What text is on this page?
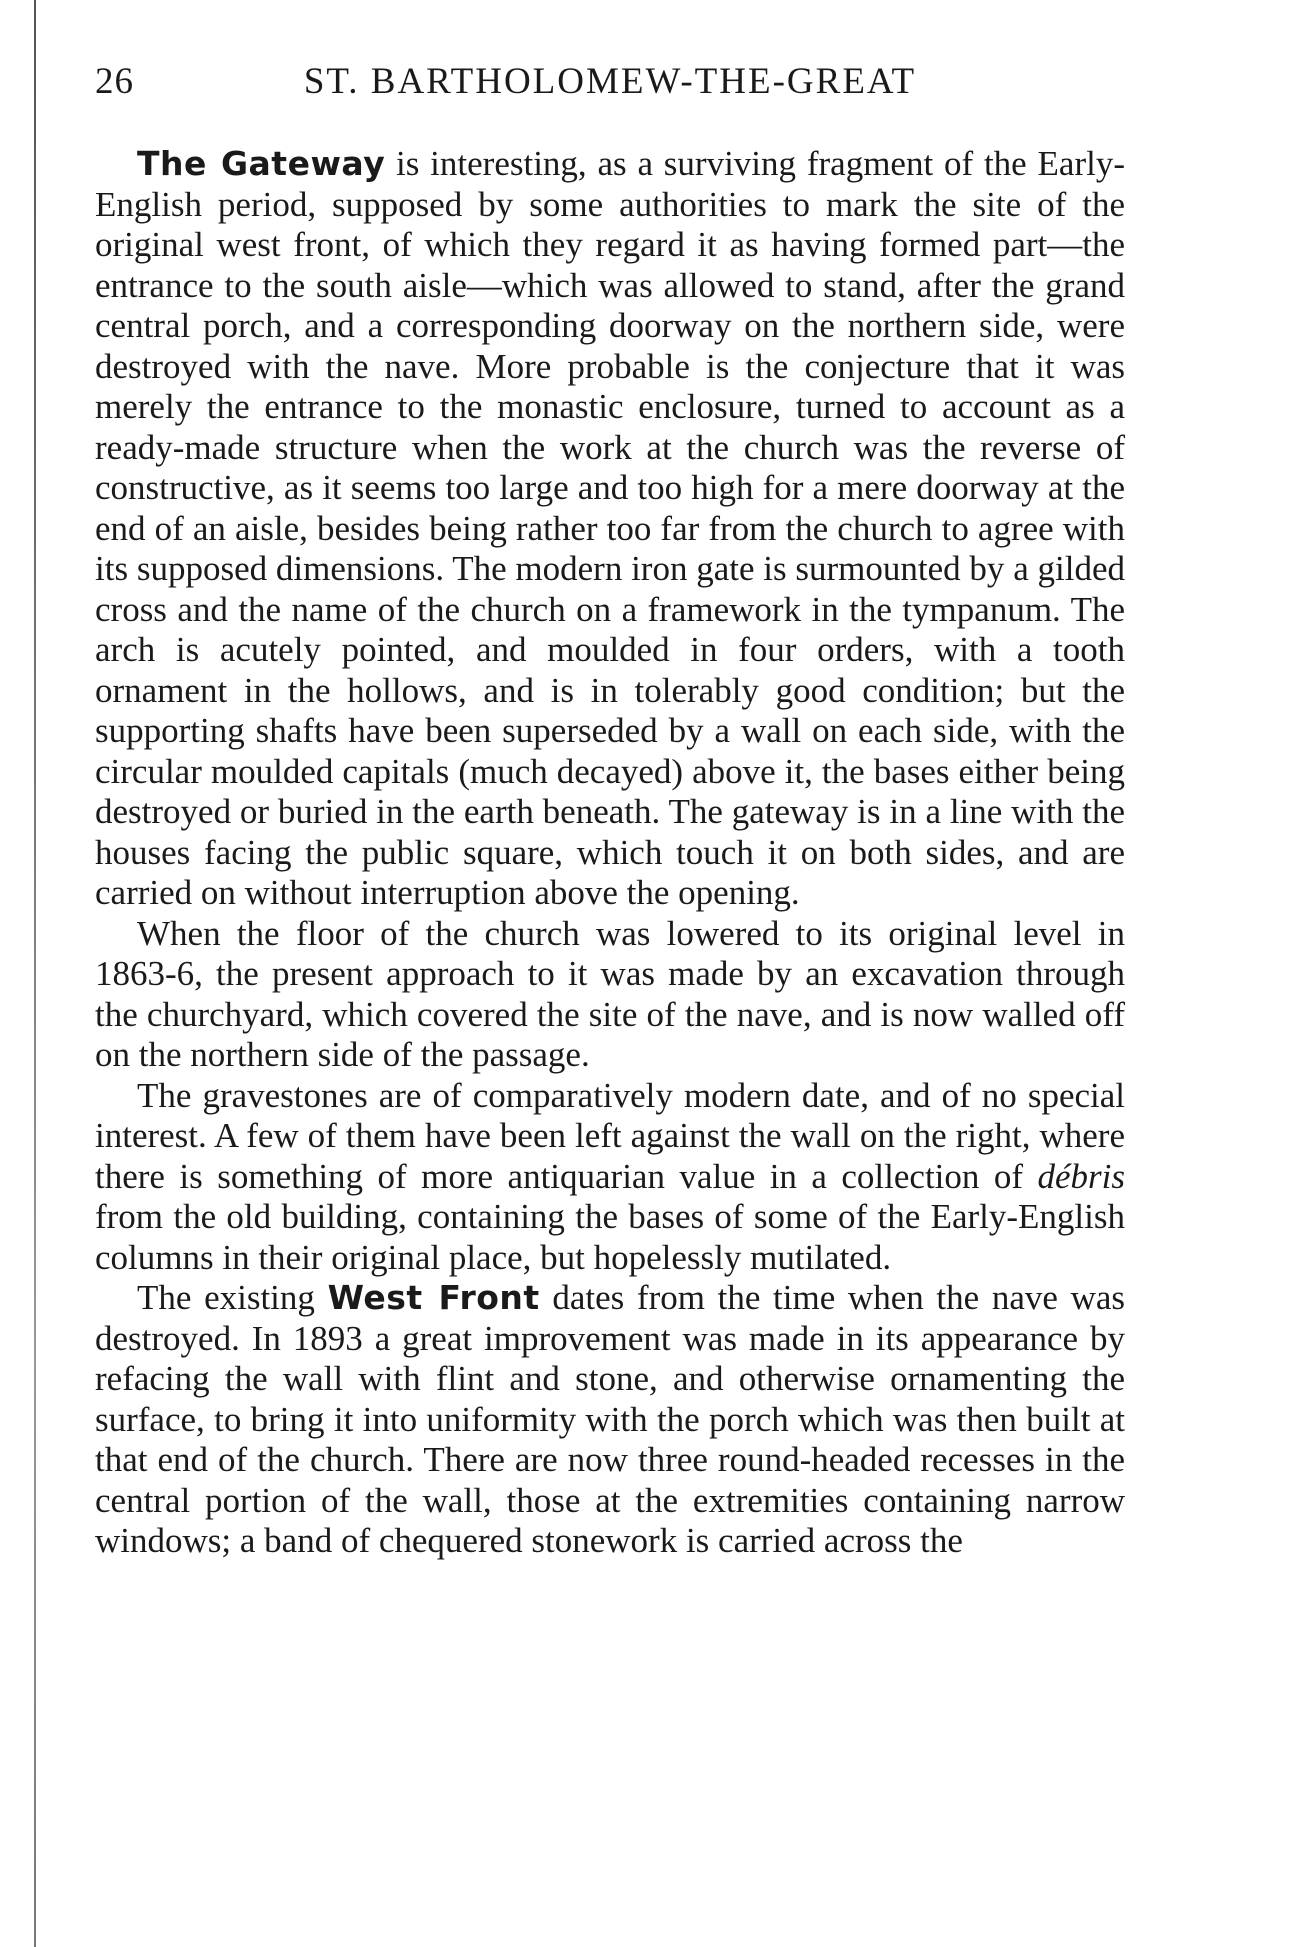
26	ST. BARTHOLOMEW-THE-GREAT

The Gateway is interesting, as a surviving fragment of the Early-English period, supposed by some authorities to mark the site of the original west front, of which they regard it as having formed part—the entrance to the south aisle—which was allowed to stand, after the grand central porch, and a corresponding doorway on the northern side, were destroyed with the nave. More probable is the conjecture that it was merely the entrance to the monastic enclosure, turned to account as a ready-made structure when the work at the church was the reverse of constructive, as it seems too large and too high for a mere doorway at the end of an aisle, besides being rather too far from the church to agree with its supposed dimensions. The modern iron gate is surmounted by a gilded cross and the name of the church on a framework in the tympanum. The arch is acutely pointed, and moulded in four orders, with a tooth ornament in the hollows, and is in tolerably good condition; but the supporting shafts have been superseded by a wall on each side, with the circular moulded capitals (much decayed) above it, the bases either being destroyed or buried in the earth beneath. The gateway is in a line with the houses facing the public square, which touch it on both sides, and are carried on without interruption above the opening.

When the floor of the church was lowered to its original level in 1863-6, the present approach to it was made by an excavation through the churchyard, which covered the site of the nave, and is now walled off on the northern side of the passage.

The gravestones are of comparatively modern date, and of no special interest. A few of them have been left against the wall on the right, where there is something of more antiquarian value in a collection of débris from the old building, containing the bases of some of the Early-English columns in their original place, but hopelessly mutilated.

The existing West Front dates from the time when the nave was destroyed. In 1893 a great improvement was made in its appearance by refacing the wall with flint and stone, and otherwise ornamenting the surface, to bring it into uniformity with the porch which was then built at that end of the church. There are now three round-headed recesses in the central portion of the wall, those at the extremities containing narrow windows; a band of chequered stonework is carried across the
